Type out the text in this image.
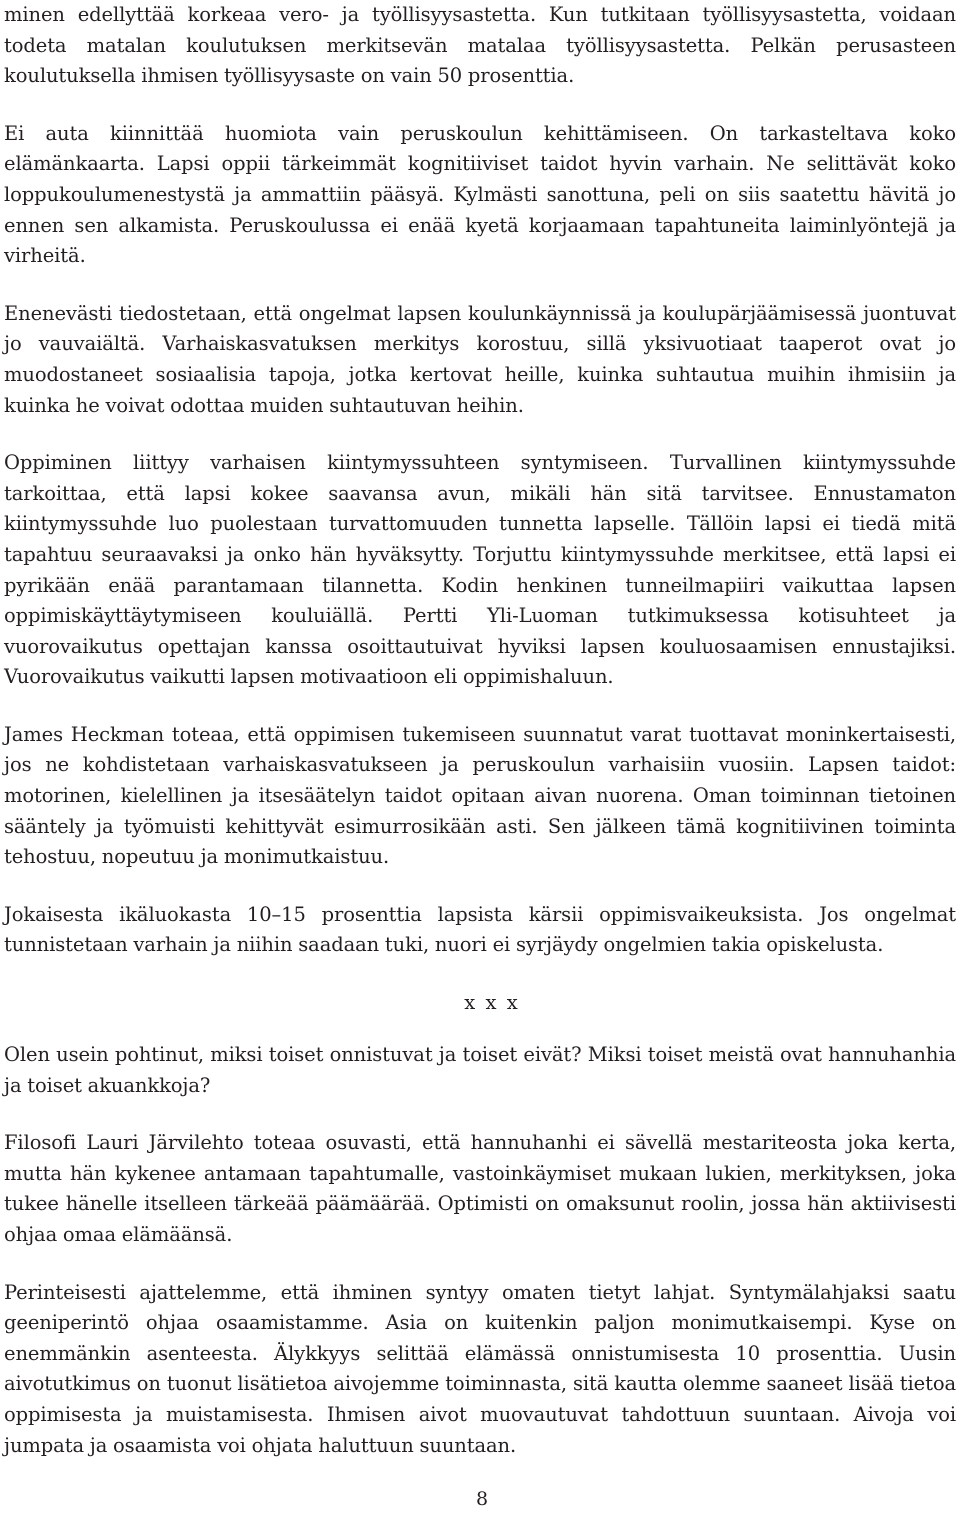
minen edellyttää korkeaa vero- ja työllisyysastetta. Kun tutkitaan työllisyysastetta, voidaan todeta matalan koulutuksen merkitsevän matalaa työllisyysastetta. Pelkän perusasteen koulutuksella ihmisen työllisyysaste on vain 50 prosenttia.

Ei auta kiinnittää huomiota vain peruskoulun kehittämiseen. On tarkasteltava koko elämänkaarta. Lapsi oppii tärkeimmät kognitiiviset taidot hyvin varhain. Ne selittävät koko loppukoulumenestystä ja ammattiin pääsyä. Kylmästi sanottuna, peli on siis saatettu hävitä jo ennen sen alkamista. Peruskoulussa ei enää kyetä korjaamaan tapahtuneita laiminlyöntejä ja virheitä.

Enenevästi tiedostetaan, että ongelmat lapsen koulunkäynnissä ja koulupärjäämisessä juontuvat jo vauvaiältä. Varhaiskasvatuksen merkitys korostuu, sillä yksivuotiaat taaperot ovat jo muodostaneet sosiaalisia tapoja, jotka kertovat heille, kuinka suhtautua muihin ihmisiin ja kuinka he voivat odottaa muiden suhtautuvan heihin.

Oppiminen liittyy varhaisen kiintymyssuhteen syntymiseen. Turvallinen kiintymyssuhde tarkoittaa, että lapsi kokee saavansa avun, mikäli hän sitä tarvitsee. Ennustamaton kiintymyssuhde luo puolestaan turvattomuuden tunnetta lapselle. Tällöin lapsi ei tiedä mitä tapahtuu seuraavaksi ja onko hän hyväksytty. Torjuttu kiintymyssuhde merkitsee, että lapsi ei pyrikään enää parantamaan tilannetta. Kodin henkinen tunneilmapiiri vaikuttaa lapsen oppimiskäyttäytymiseen kouluiällä. Pertti Yli-Luoman tutkimuksessa kotisuhteet ja vuorovaikutus opettajan kanssa osoittautuivat hyviksi lapsen kouluosaamisen ennustajiksi. Vuorovaikutus vaikutti lapsen motivaatioon eli oppimishaluun.

James Heckman toteaa, että oppimisen tukemiseen suunnatut varat tuottavat moninkertaisesti, jos ne kohdistetaan varhaiskasvatukseen ja peruskoulun varhaisiin vuosiin. Lapsen taidot: motorinen, kielellinen ja itsesäätelyn taidot opitaan aivan nuorena. Oman toiminnan tietoinen sääntely ja työmuisti kehittyvät esimurrosikään asti. Sen jälkeen tämä kognitiivinen toiminta tehostuu, nopeutuu ja monimutkaistuu.

Jokaisesta ikäluokasta 10–15 prosenttia lapsista kärsii oppimisvaikeuksista. Jos ongelmat tunnistetaan varhain ja niihin saadaan tuki, nuori ei syrjäydy ongelmien takia opiskelusta.

x x x

Olen usein pohtinut, miksi toiset onnistuvat ja toiset eivät? Miksi toiset meistä ovat hannuhanhia ja toiset akuankkoja?

Filosofi Lauri Järvilehto toteaa osuvasti, että hannuhanhi ei sävellä mestariteosta joka kerta, mutta hän kykenee antamaan tapahtumalle, vastoinkäymiset mukaan lukien, merkityksen, joka tukee hänelle itselleen tärkeää päämäärää. Optimisti on omaksunut roolin, jossa hän aktiivisesti ohjaa omaa elämäänsä.

Perinteisesti ajattelemme, että ihminen syntyy omaten tietyt lahjat. Syntymälahjaksi saatu geeniperintö ohjaa osaamistamme. Asia on kuitenkin paljon monimutkaisempi. Kyse on enemmänkin asenteesta. Älykkyys selittää elämässä onnistumisesta 10 prosenttia. Uusin aivotutkimus on tuonut lisätietoa aivojemme toiminnasta, sitä kautta olemme saaneet lisää tietoa oppimisesta ja muistamisesta. Ihmisen aivot muovautuvat tahdottuun suuntaan. Aivoja voi jumpata ja osaamista voi ohjata haluttuun suuntaan.

8
